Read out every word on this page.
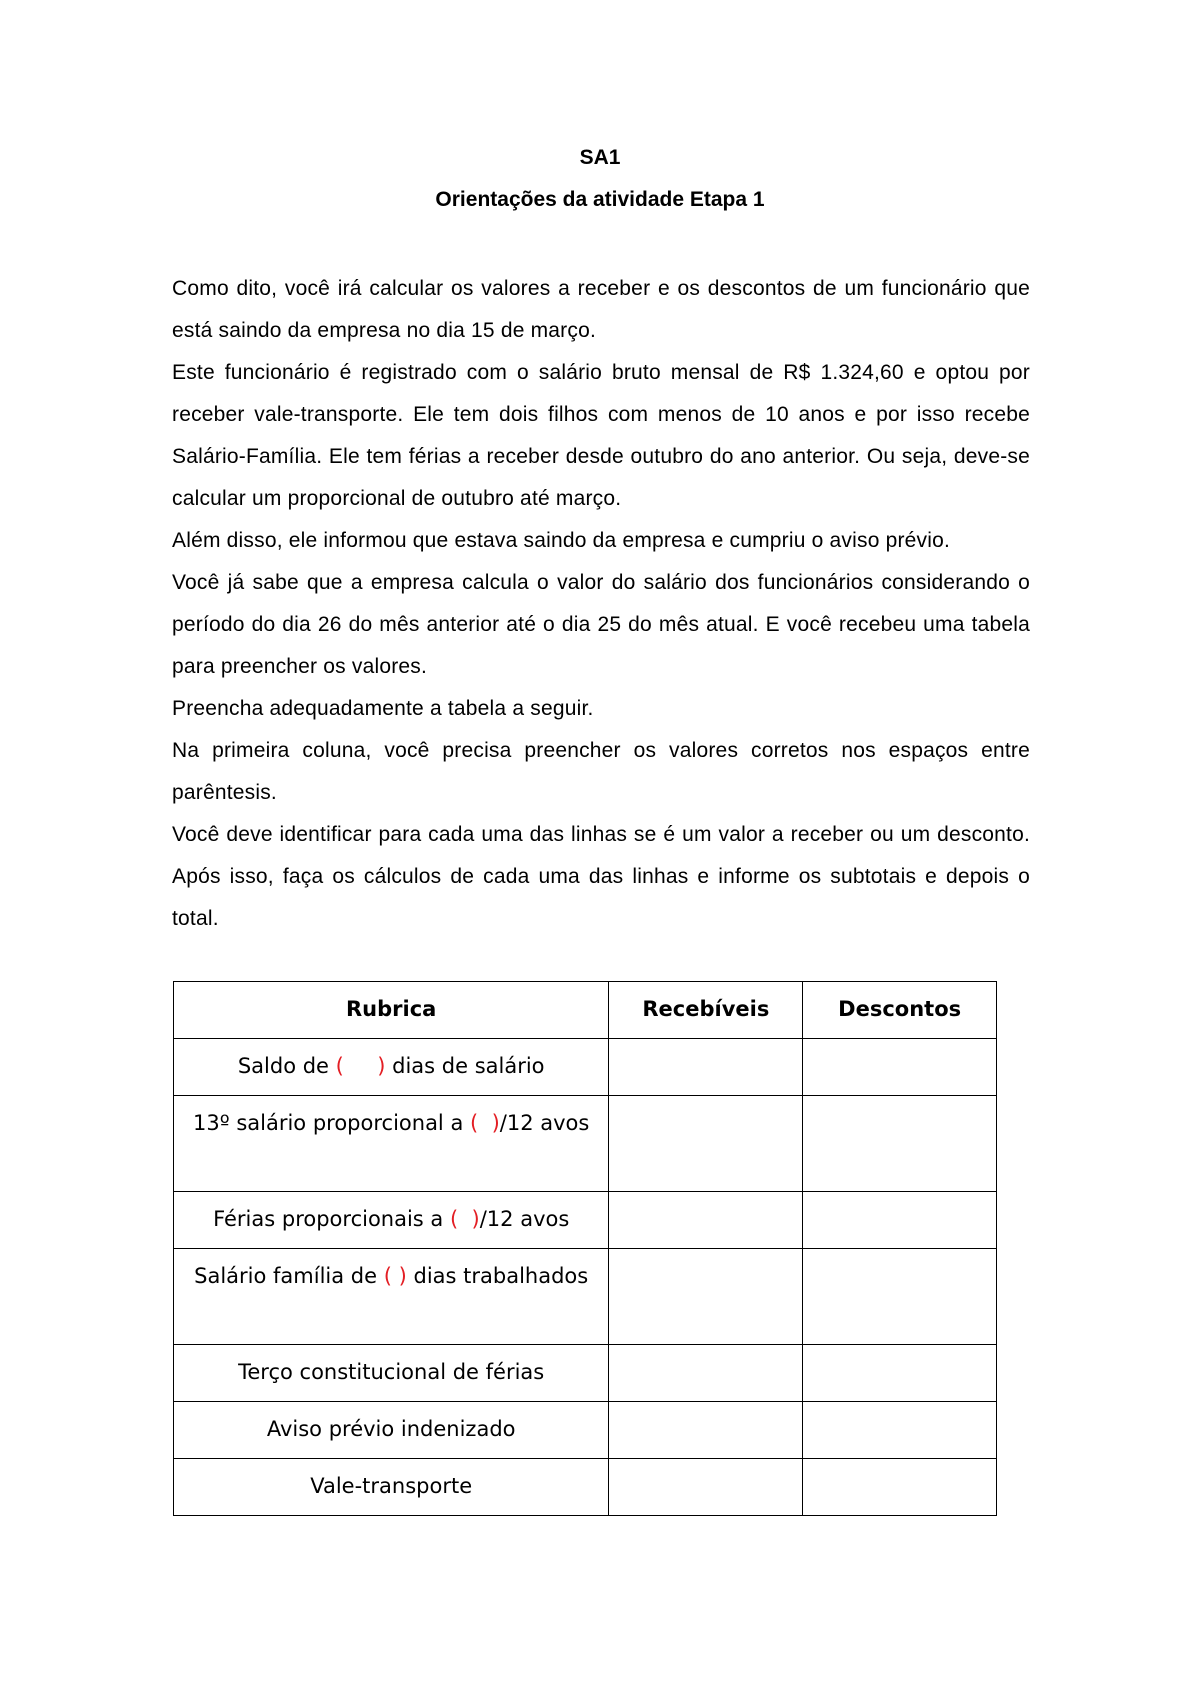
SA1
Orientações da atividade Etapa 1

Como dito, você irá calcular os valores a receber e os descontos de um funcionário que está saindo da empresa no dia 15 de março.

Este funcionário é registrado com o salário bruto mensal de R$ 1.324,60 e optou por receber vale-transporte. Ele tem dois filhos com menos de 10 anos e por isso recebe Salário-Família. Ele tem férias a receber desde outubro do ano anterior. Ou seja, deve-se calcular um proporcional de outubro até março.

Além disso, ele informou que estava saindo da empresa e cumpriu o aviso prévio.

Você já sabe que a empresa calcula o valor do salário dos funcionários considerando o período do dia 26 do mês anterior até o dia 25 do mês atual. E você recebeu uma tabela para preencher os valores.

Preencha adequadamente a tabela a seguir.

Na primeira coluna, você precisa preencher os valores corretos nos espaços entre parêntesis.

Você deve identificar para cada uma das linhas se é um valor a receber ou um desconto. Após isso, faça os cálculos de cada uma das linhas e informe os subtotais e depois o total.

Rubrica	Recebíveis	Descontos
Saldo de ( ) dias de salário		
13º salário proporcional a ( )/12 avos		
Férias proporcionais a ( )/12 avos		
Salário família de ( ) dias trabalhados		
Terço constitucional de férias		
Aviso prévio indenizado		
Vale-transporte		
